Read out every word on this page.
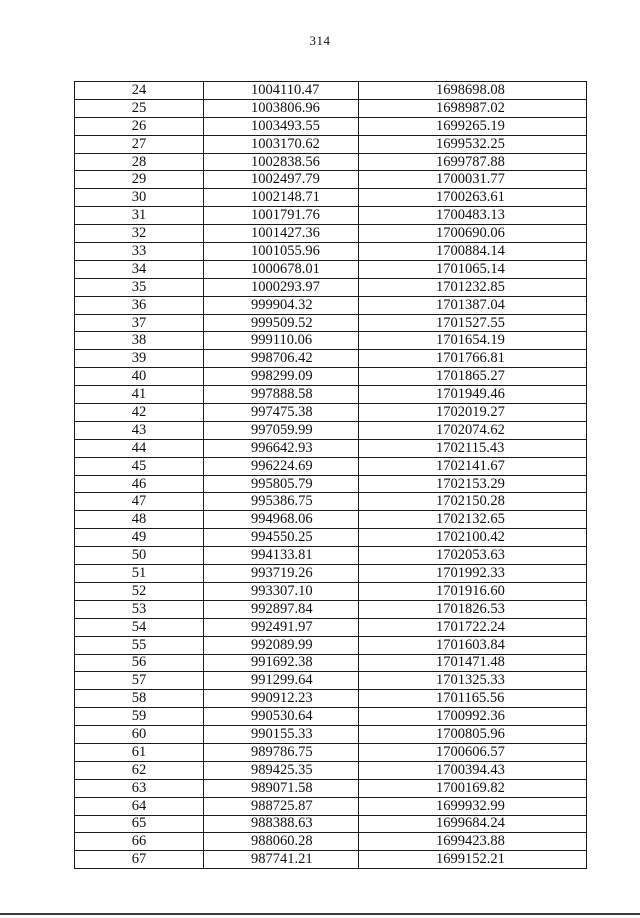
314
24	1004110.47	1698698.08
25	1003806.96	1698987.02
26	1003493.55	1699265.19
27	1003170.62	1699532.25
28	1002838.56	1699787.88
29	1002497.79	1700031.77
30	1002148.71	1700263.61
31	1001791.76	1700483.13
32	1001427.36	1700690.06
33	1001055.96	1700884.14
34	1000678.01	1701065.14
35	1000293.97	1701232.85
36	999904.32	1701387.04
37	999509.52	1701527.55
38	999110.06	1701654.19
39	998706.42	1701766.81
40	998299.09	1701865.27
41	997888.58	1701949.46
42	997475.38	1702019.27
43	997059.99	1702074.62
44	996642.93	1702115.43
45	996224.69	1702141.67
46	995805.79	1702153.29
47	995386.75	1702150.28
48	994968.06	1702132.65
49	994550.25	1702100.42
50	994133.81	1702053.63
51	993719.26	1701992.33
52	993307.10	1701916.60
53	992897.84	1701826.53
54	992491.97	1701722.24
55	992089.99	1701603.84
56	991692.38	1701471.48
57	991299.64	1701325.33
58	990912.23	1701165.56
59	990530.64	1700992.36
60	990155.33	1700805.96
61	989786.75	1700606.57
62	989425.35	1700394.43
63	989071.58	1700169.82
64	988725.87	1699932.99
65	988388.63	1699684.24
66	988060.28	1699423.88
67	987741.21	1699152.21
